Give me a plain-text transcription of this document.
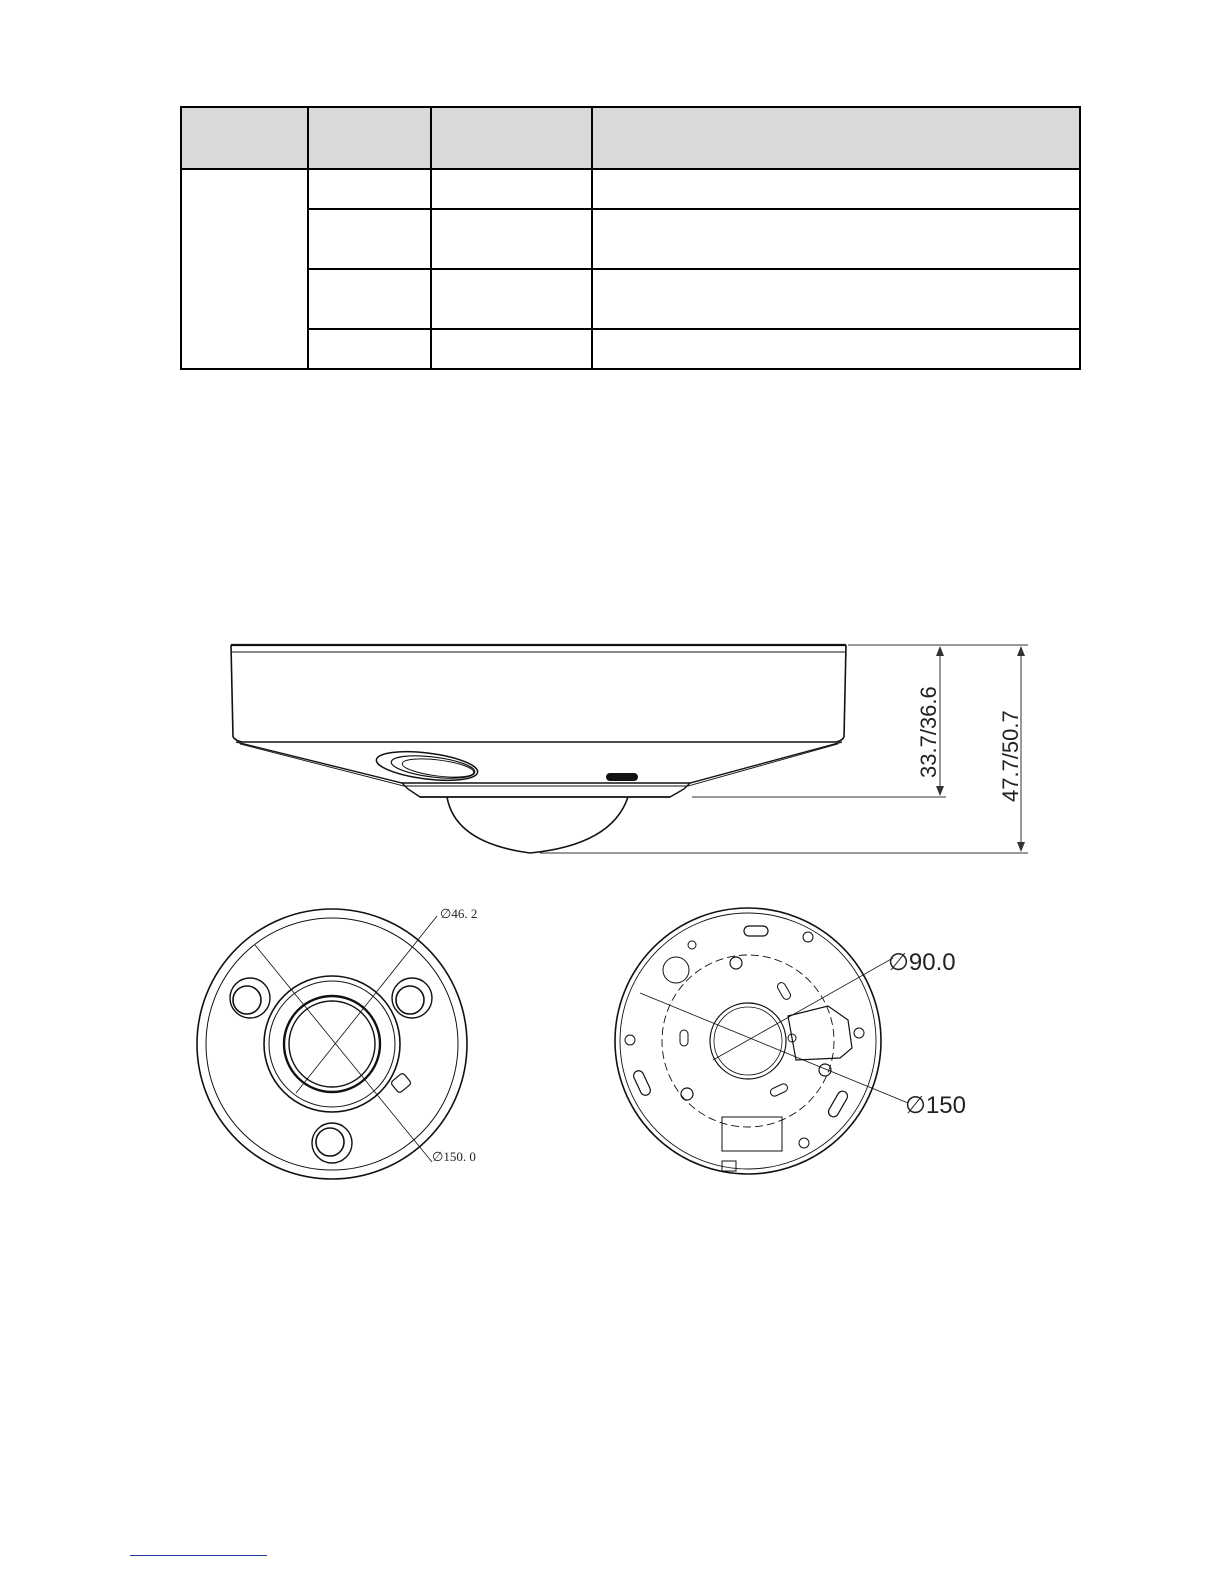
33.7/36.6	47.7/50.7
∅46. 2
∅150. 0
∅90.0
∅150
